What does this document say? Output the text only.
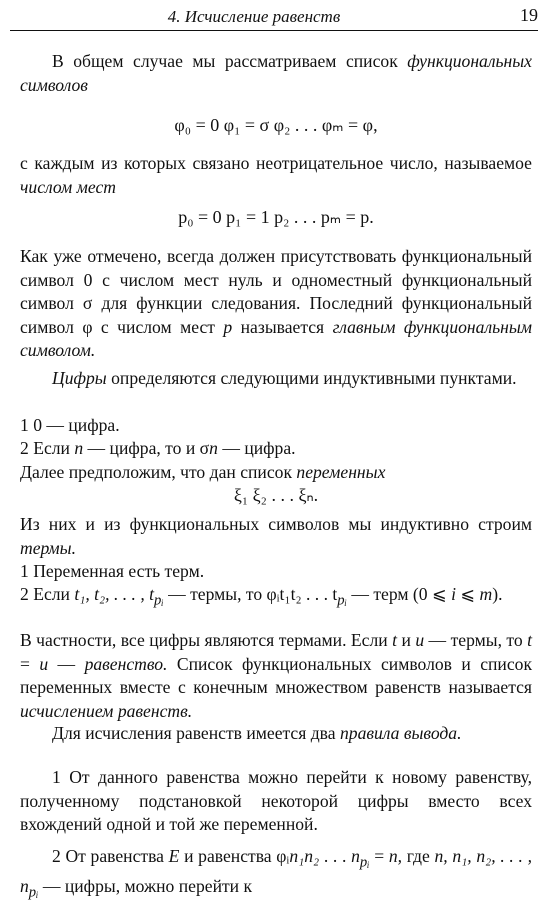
4. Исчисление равенств	19

В общем случае мы рассматриваем список функциональных символов

φ₀ = 0 φ₁ = σ φ₂ . . . φₘ = φ,

с каждым из которых связано неотрицательное число, называемое числом мест

p₀ = 0 p₁ = 1 p₂ . . . pₘ = p.

Как уже отмечено, всегда должен присутствовать функциональный символ 0 с числом мест нуль и одноместный функциональный символ σ для функции следования. Последний функциональный символ φ с числом мест p называется главным функциональным символом.

Цифры определяются следующими индуктивными пунктами.

1 0 — цифра.

2 Если n — цифра, то и σn — цифра.

Далее предположим, что дан список переменных

ξ₁ ξ₂ . . . ξₙ.

Из них и из функциональных символов мы индуктивно строим термы.

1 Переменная есть терм.

2 Если t₁, t₂, . . . , $t_{pᵢ}$ — термы, то φᵢt₁t₂ . . . $t_{pᵢ}$ — терм (0 ⩽ i ⩽ m).

В частности, все цифры являются термами. Если t и u — термы, то t = u — равенство. Список функциональных символов и список переменных вместе с конечным множеством равенств называется исчислением равенств.

Для исчисления равенств имеется два правила вывода.

1 От данного равенства можно перейти к новому равенству, полученному подстановкой некоторой цифры вместо всех вхождений одной и той же переменной.

2 От равенства E и равенства φᵢn₁n₂ . . . $n_{pᵢ} = n$, где n, n₁, n₂, . . . , $n_{pᵢ}$ — цифры, можно перейти к
